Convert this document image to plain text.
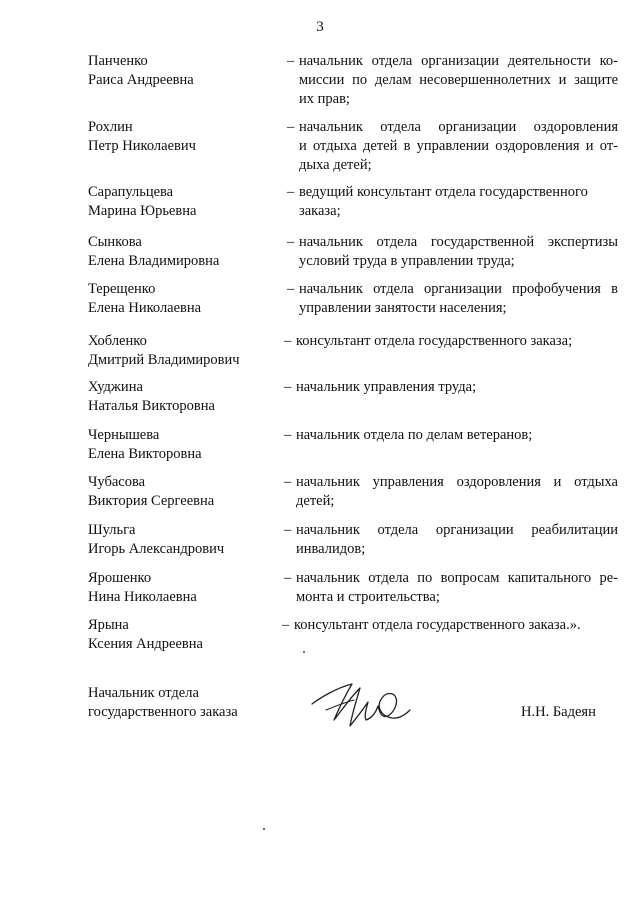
3
Панченко
Раиса Андреевна
– начальник отдела организации деятельности ко-
миссии по делам несовершеннолетних и защите
их прав;
Рохлин
Петр Николаевич
– начальник отдела организации оздоровления
и отдыха детей в управлении оздоровления и от-
дыха детей;
Сарапульцева
Марина Юрьевна
– ведущий консультант отдела государственного
заказа;
Сынкова
Елена Владимировна
– начальник отдела государственной экспертизы
условий труда в управлении труда;
Терещенко
Елена Николаевна
– начальник отдела организации профобучения в
управлении занятости населения;
Хобленко
Дмитрий Владимирович
– консультант отдела государственного заказа;
Худжина
Наталья Викторовна
– начальник управления труда;
Чернышева
Елена Викторовна
– начальник отдела по делам ветеранов;
Чубасова
Виктория Сергеевна
– начальник управления оздоровления и отдыха
детей;
Шульга
Игорь Александрович
– начальник отдела организации реабилитации
инвалидов;
Ярошенко
Нина Николаевна
– начальник отдела по вопросам капитального ре-
монта и строительства;
Ярына
Ксения Андреевна
– консультант отдела государственного заказа.».
Начальник отдела
государственного заказа	Н.Н. Бадеян
